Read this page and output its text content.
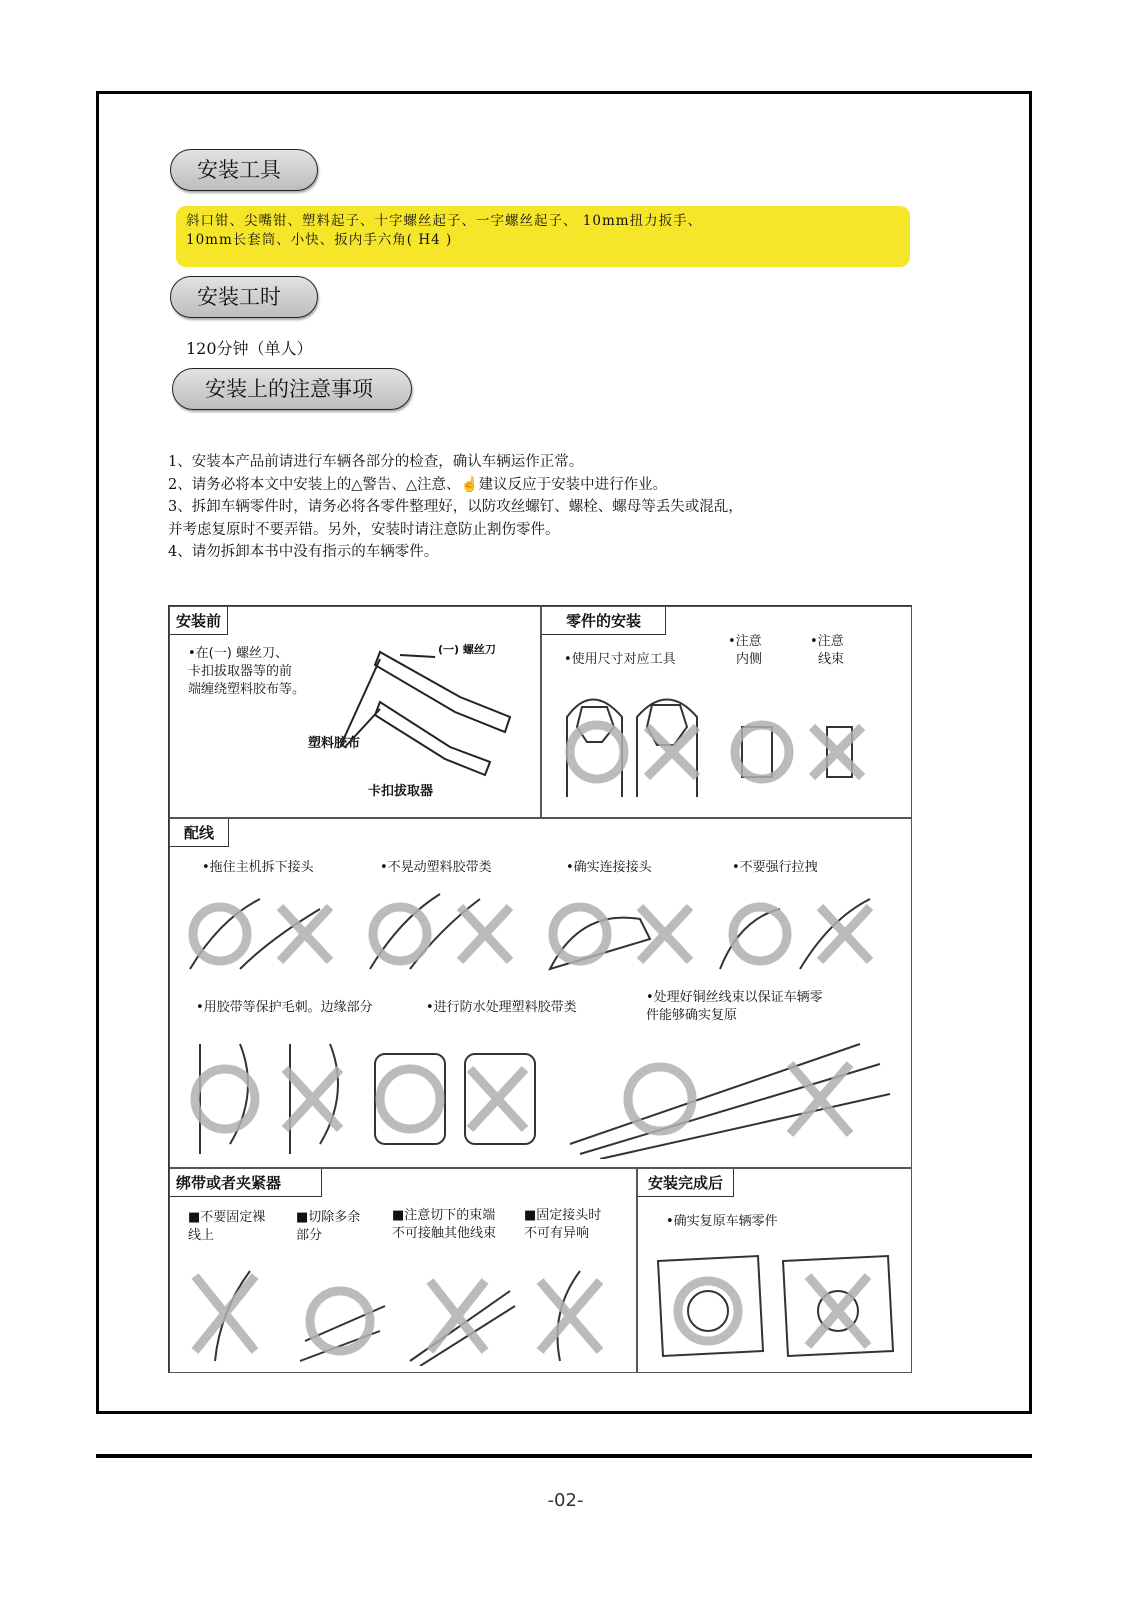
安装工具
斜口钳、尖嘴钳、塑料起子、十字螺丝起子、一字螺丝起子、 10mm扭力扳手、
10mm长套筒、小快、扳内手六角( H4 )
安装工时
120分钟（单人）
安装上的注意事项
1、安装本产品前请进行车辆各部分的检查，确认车辆运作正常。
2、请务必将本文中安装上的△警告、△注意、☝建议反应于安装中进行作业。
3、拆卸车辆零件时，请务必将各零件整理好，以防攻丝螺钉、螺栓、螺母等丢失或混乱，
并考虑复原时不要弄错。另外，安装时请注意防止割伤零件。
4、请勿拆卸本书中没有指示的车辆零件。
安装前
•在(一) 螺丝刀、
卡扣拔取器等的前
端缠绕塑料胶布等。
(一) 螺丝刀
塑料胶布
卡扣拔取器
零件的安装
•使用尺寸对应工具
•注意
内侧
•注意
线束
配线
•拖住主机拆下接头	•不晃动塑料胶带类	•确实连接接头	•不要强行拉拽
•用胶带等保护毛刺。边缘部分	•进行防水处理塑料胶带类
•处理好铜丝线束以保证车辆零
件能够确实复原
绑带或者夹紧器
■不要固定裸
线上
■切除多余
部分
■注意切下的束端
不可接触其他线束
■固定接头时
不可有异响
安装完成后
•确实复原车辆零件
-02-
